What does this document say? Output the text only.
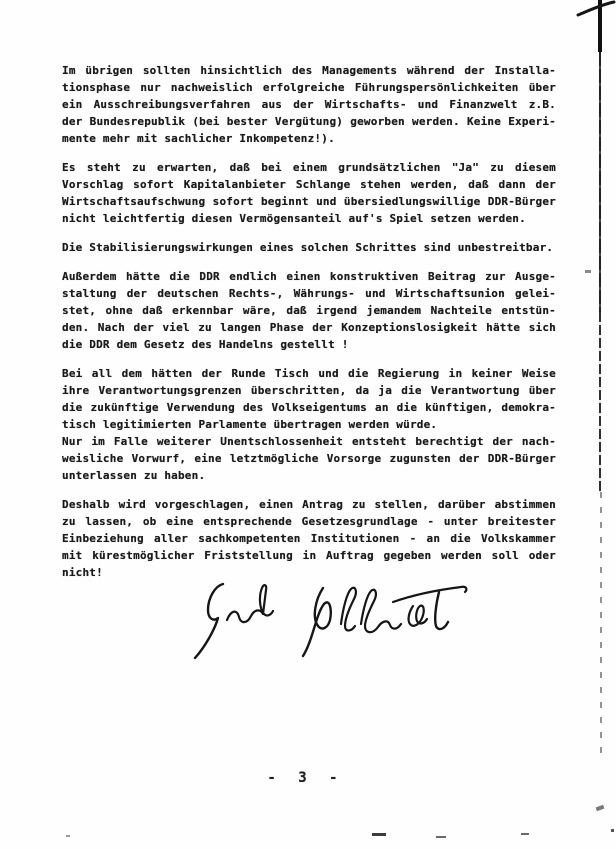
Im übrigen sollten hinsichtlich des Managements während der Installa-
tionsphase nur nachweislich erfolgreiche Führungspersönlichkeiten über
ein Ausschreibungsverfahren aus der Wirtschafts- und Finanzwelt z.B.
der Bundesrepublik (bei bester Vergütung) geworben werden. Keine Experi-
mente mehr mit sachlicher Inkompetenz!).
Es steht zu erwarten, daß bei einem grundsätzlichen "Ja" zu diesem
Vorschlag sofort Kapitalanbieter Schlange stehen werden, daß dann der
Wirtschaftsaufschwung sofort beginnt und übersiedlungswillige DDR-Bürger
nicht leichtfertig diesen Vermögensanteil auf's Spiel setzen werden.
Die Stabilisierungswirkungen eines solchen Schrittes sind unbestreitbar.
Außerdem hätte die DDR endlich einen konstruktiven Beitrag zur Ausge-
staltung der deutschen Rechts-, Währungs- und Wirtschaftsunion gelei-
stet, ohne daß erkennbar wäre, daß irgend jemandem Nachteile entstün-
den. Nach der viel zu langen Phase der Konzeptionslosigkeit hätte sich
die DDR dem Gesetz des Handelns gestellt !
Bei all dem hätten der Runde Tisch und die Regierung in keiner Weise
ihre Verantwortungsgrenzen überschritten, da ja die Verantwortung über
die zukünftige Verwendung des Volkseigentums an die künftigen, demokra-
tisch legitimierten Parlamente übertragen werden würde.
Nur im Falle weiterer Unentschlossenheit entsteht berechtigt der nach-
weisliche Vorwurf, eine letztmögliche Vorsorge zugunsten der DDR-Bürger
unterlassen zu haben.
Deshalb wird vorgeschlagen, einen Antrag zu stellen, darüber abstimmen
zu lassen, ob eine entsprechende Gesetzesgrundlage - unter breitester
Einbeziehung aller sachkompetenten Institutionen - an die Volkskammer
mit kürestmöglicher Friststellung in Auftrag gegeben werden soll oder
nicht!
- 3 -
